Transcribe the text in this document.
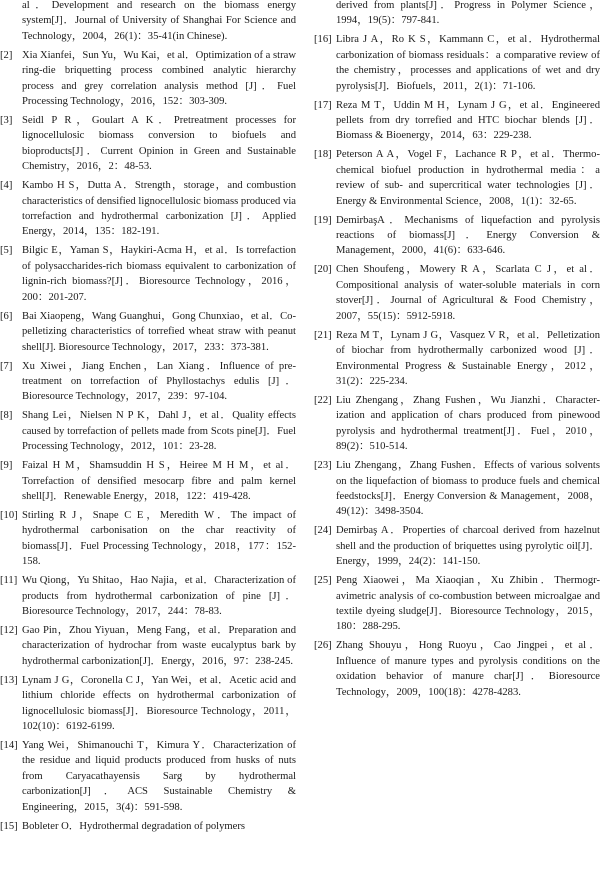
al．Development and research on the biomass energy system[J]．Journal of University of Shanghai For Science and Technology，2004，26(1)：35-41(in Chinese).
[2] Xia Xianfei，Sun Yu，Wu Kai，et al．Optimization of a straw ring-die briquetting process combined analytic hierarchy process and grey correlation analysis method [J]．Fuel Processing Technology，2016，152：303-309.
[3] Seidl P R，Goulart A K．Pretreatment processes for lignocellulosic biomass conversion to biofuels and bioproducts[J]．Current Opinion in Green and Sustainable Chemistry，2016，2：48-53.
[4] Kambo H S，Dutta A．Strength，storage，and combustion characteristics of densified lignocellulosic biomass produced via torrefaction and hydrothermal carbonization [J]．Applied Energy，2014，135：182-191.
[5] Bilgic E，Yaman S，Haykiri-Acma H，et al．Is torrefaction of polysaccharides-rich biomass equivalent to carbonization of lignin-rich biomass?[J]．Bioresource Technology，2016，200：201-207.
[6] Bai Xiaopeng，Wang Guanghui，Gong Chunxiao，et al．Co-pelletizing characteristics of torrefied wheat straw with peanut shell[J]. Bioresource Technology，2017，233：373-381.
[7] Xu Xiwei，Jiang Enchen，Lan Xiang．Influence of pre-treatment on torrefaction of Phyllostachys edulis [J]．Bioresource Technology，2017，239：97-104.
[8] Shang Lei，Nielsen N P K，Dahl J，et al．Quality effects caused by torrefaction of pellets made from Scots pine[J]．Fuel Processing Technology，2012，101：23-28.
[9] Faizal H M，Shamsuddin H S，Heiree M H M，et al．Torrefaction of densified mesocarp fibre and palm kernel shell[J]．Renewable Energy，2018，122：419-428.
[10] Stirling R J，Snape C E，Meredith W．The impact of hydrothermal carbonisation on the char reactivity of biomass[J]．Fuel Processing Technology，2018，177：152-158.
[11] Wu Qiong，Yu Shitao，Hao Najia，et al．Characterization of products from hydrothermal carbonization of pine [J]．Bioresource Technology，2017，244：78-83.
[12] Gao Pin，Zhou Yiyuan，Meng Fang，et al．Preparation and characterization of hydrochar from waste eucalyptus bark by hydrothermal carbonization[J]．Energy，2016，97：238-245.
[13] Lynam J G，Coronella C J，Yan Wei，et al．Acetic acid and lithium chloride effects on hydrothermal carbonization of lignocellulosic biomass[J]．Bioresource Technology，2011，102(10)：6192-6199.
[14] Yang Wei，Shimanouchi T，Kimura Y．Characterization of the residue and liquid products produced from husks of nuts from Caryacathayensis Sarg by hydrothermal carbonization[J]．ACS Sustainable Chemistry & Engineering，2015，3(4)：591-598.
[15] Bobleter O．Hydrothermal degradation of polymers
derived from plants[J]．Progress in Polymer Science，1994，19(5)：797-841.
[16] Libra J A，Ro K S，Kammann C，et al．Hydrothermal carbonization of biomass residuals：a comparative review of the chemistry，processes and applications of wet and dry pyrolysis[J]．Biofuels，2011，2(1)：71-106.
[17] Reza M T，Uddin M H，Lynam J G，et al．Engineered pellets from dry torrefied and HTC biochar blends [J]．Biomass & Bioenergy，2014，63：229-238.
[18] Peterson A A，Vogel F，Lachance R P，et al．Thermo-chemical biofuel production in hydrothermal media：a review of sub- and supercritical water technologies [J]．Energy & Environmental Science，2008，1(1)：32-65.
[19] DemirbaşA．Mechanisms of liquefaction and pyrolysis reactions of biomass[J]．Energy Conversion & Management，2000，41(6)：633-646.
[20] Chen Shoufeng，Mowery R A，Scarlata C J，et al．Compositional analysis of water-soluble materials in corn stover[J]．Journal of Agricultural & Food Chemistry，2007，55(15)：5912-5918.
[21] Reza M T，Lynam J G，Vasquez V R，et al．Pelletization of biochar from hydrothermally carbonized wood [J]．Environmental Progress & Sustainable Energy，2012，31(2)：225-234.
[22] Liu Zhengang，Zhang Fushen，Wu Jianzhi．Character-ization and application of chars produced from pinewood pyrolysis and hydrothermal treatment[J]．Fuel，2010，89(2)：510-514.
[23] Liu Zhengang，Zhang Fushen．Effects of various solvents on the liquefaction of biomass to produce fuels and chemical feedstocks[J]．Energy Conversion & Management，2008，49(12)：3498-3504.
[24] Demirbaş A．Properties of charcoal derived from hazelnut shell and the production of briquettes using pyrolytic oil[J]．Energy，1999，24(2)：141-150.
[25] Peng Xiaowei，Ma Xiaoqian，Xu Zhibin．Thermogr-avimetric analysis of co-combustion between microalgae and textile dyeing sludge[J]．Bioresource Technology，2015，180：288-295.
[26] Zhang Shouyu，Hong Ruoyu，Cao Jingpei，et al．Influence of manure types and pyrolysis conditions on the oxidation behavior of manure char[J]．Bioresource Technology，2009，100(18)：4278-4283.
